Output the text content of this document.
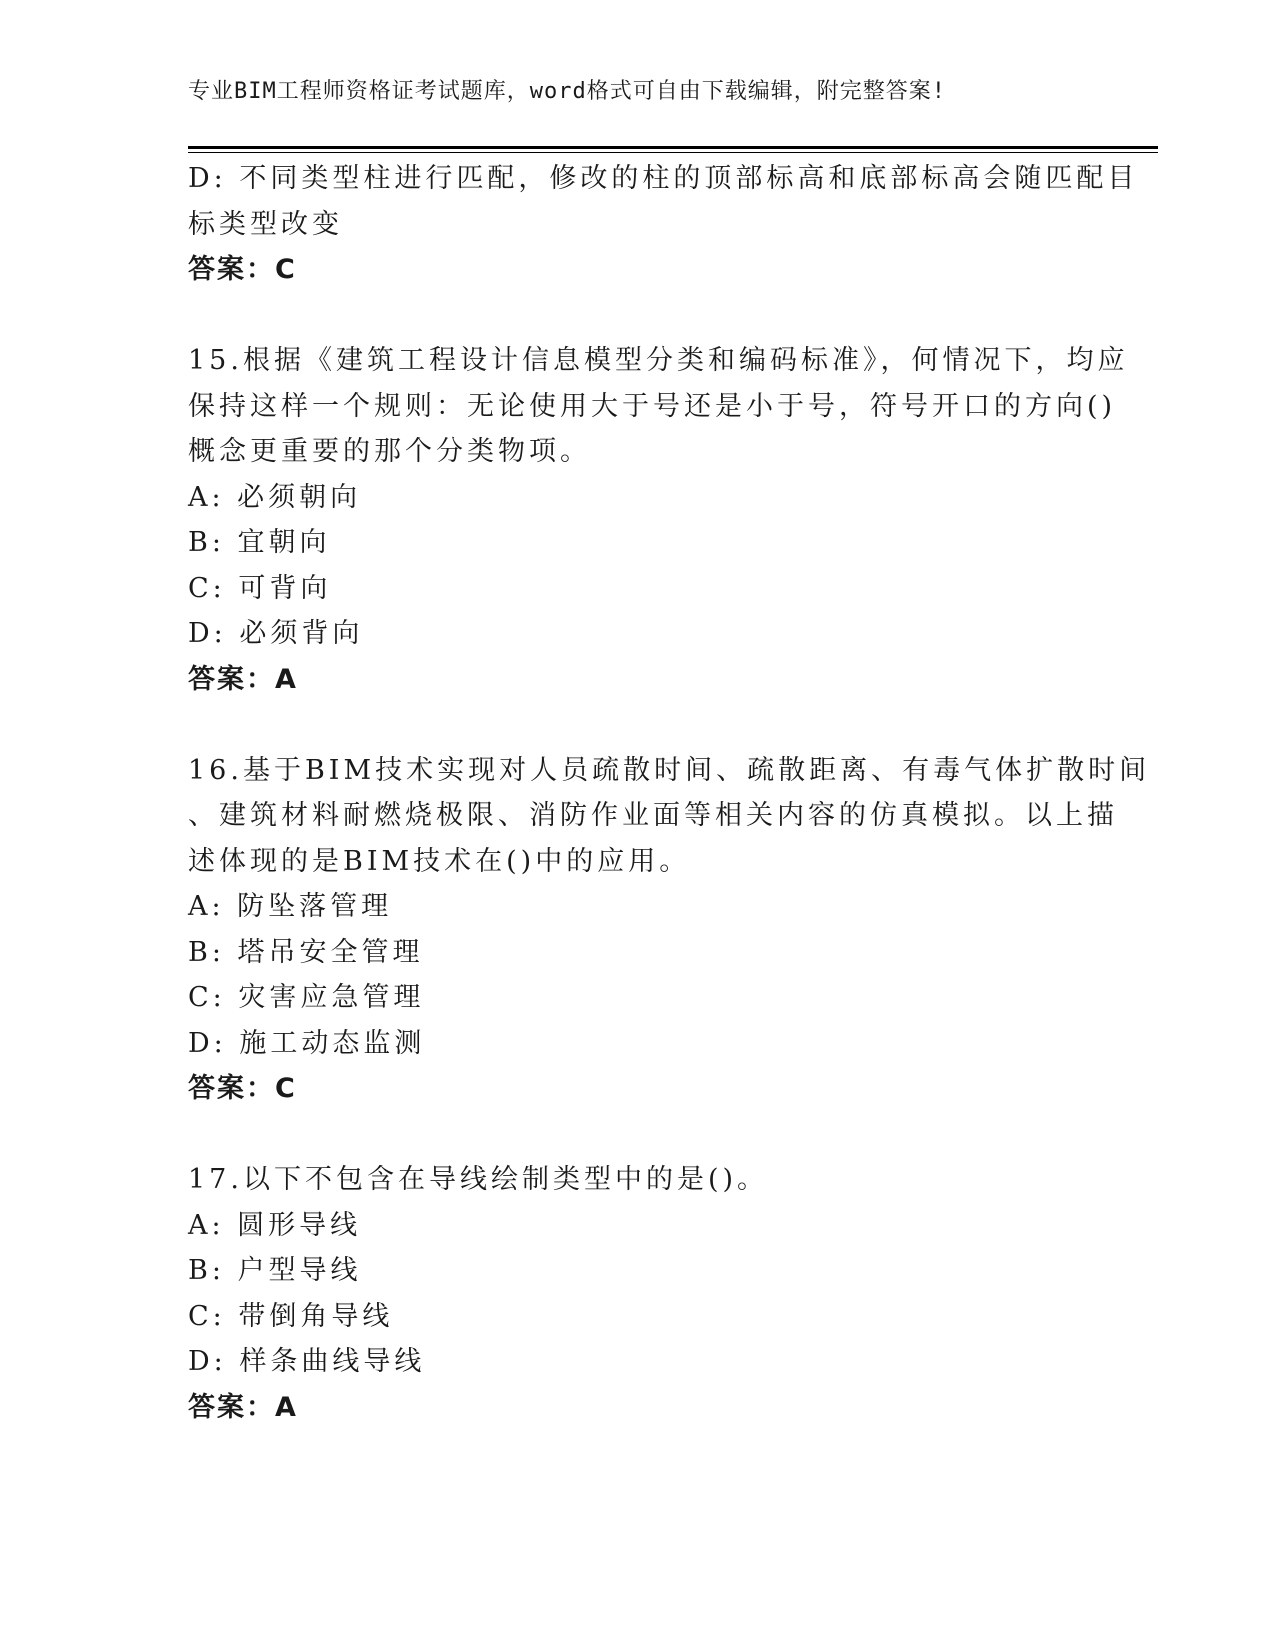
专业BIM工程师资格证考试题库，word格式可自由下载编辑，附完整答案!
D: 不同类型柱进行匹配，修改的柱的顶部标高和底部标高会随匹配目
标类型改变
答案：C
15.根据《建筑工程设计信息模型分类和编码标准》，何情况下，均应
保持这样一个规则：无论使用大于号还是小于号，符号开口的方向()
概念更重要的那个分类物项。
A: 必须朝向
B: 宜朝向
C: 可背向
D: 必须背向
答案：A
16.基于BIM技术实现对人员疏散时间、疏散距离、有毒气体扩散时间
、建筑材料耐燃烧极限、消防作业面等相关内容的仿真模拟。以上描
述体现的是BIM技术在()中的应用。
A: 防坠落管理
B: 塔吊安全管理
C: 灾害应急管理
D: 施工动态监测
答案：C
17.以下不包含在导线绘制类型中的是()。
A: 圆形导线
B: 户型导线
C: 带倒角导线
D: 样条曲线导线
答案：A
